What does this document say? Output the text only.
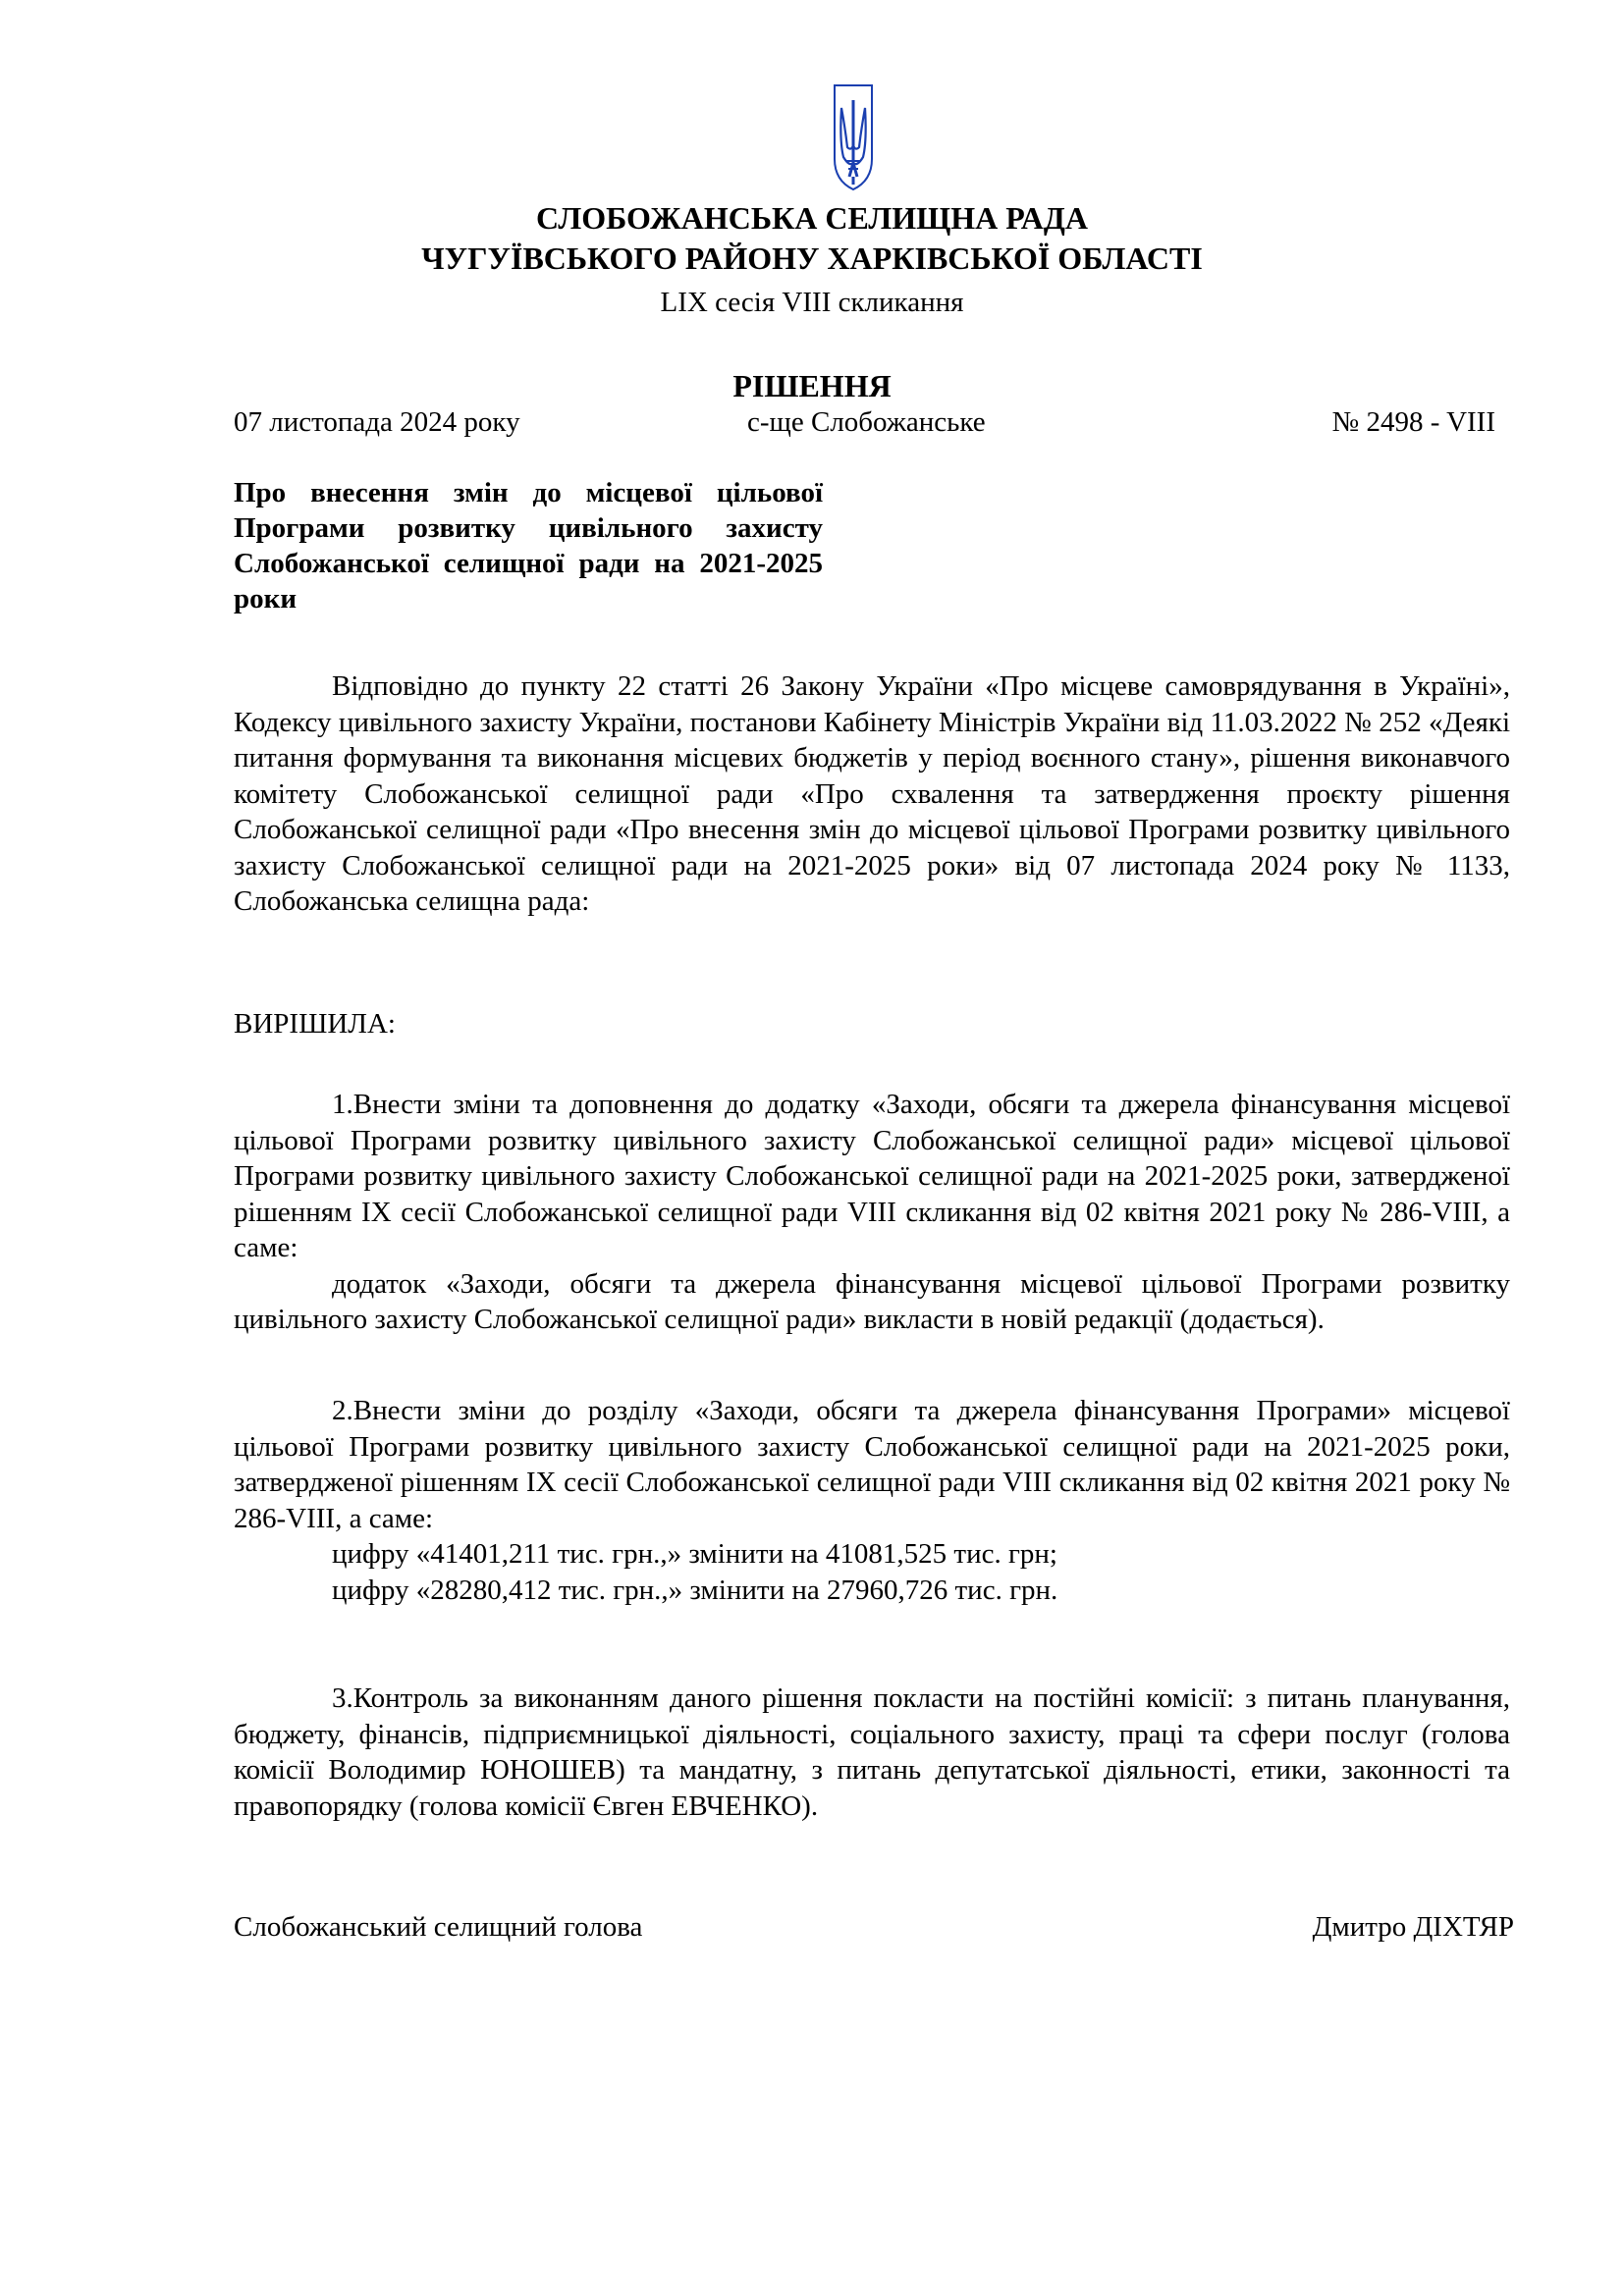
СЛОБОЖАНСЬКА СЕЛИЩНА РАДА
ЧУГУЇВСЬКОГО РАЙОНУ ХАРКІВСЬКОЇ ОБЛАСТІ
LIX сесія VIII скликання
РІШЕННЯ
07 листопада 2024 року	с-ще Слобожанське	№ 2498 - VIII
Про внесення змін до місцевої цільової Програми розвитку цивільного захисту Слобожанської селищної ради на 2021-2025 роки

Відповідно до пункту 22 статті 26 Закону України «Про місцеве самоврядування в Україні», Кодексу цивільного захисту України, постанови Кабінету Міністрів України від 11.03.2022 № 252 «Деякі питання формування та виконання місцевих бюджетів у період воєнного стану», рішення виконавчого комітету Слобожанської селищної ради «Про схвалення та затвердження проєкту рішення Слобожанської селищної ради «Про внесення змін до місцевої цільової Програми розвитку цивільного захисту Слобожанської селищної ради на 2021-2025 роки» від 07 листопада 2024 року № 1133, Слобожанська селищна рада:

ВИРІШИЛА:

1.Внести зміни та доповнення до додатку «Заходи, обсяги та джерела фінансування місцевої цільової Програми розвитку цивільного захисту Слобожанської селищної ради» місцевої цільової Програми розвитку цивільного захисту Слобожанської селищної ради на 2021-2025 роки, затвердженої рішенням IX сесії Слобожанської селищної ради VIII скликання від 02 квітня 2021 року № 286-VIII, а саме:

додаток «Заходи, обсяги та джерела фінансування місцевої цільової Програми розвитку цивільного захисту Слобожанської селищної ради» викласти в новій редакції (додається).

2.Внести зміни до розділу «Заходи, обсяги та джерела фінансування Програми» місцевої цільової Програми розвитку цивільного захисту Слобожанської селищної ради на 2021-2025 роки, затвердженої рішенням IX сесії Слобожанської селищної ради VIII скликання від 02 квітня 2021 року № 286-VIII, а саме:

цифру «41401,211 тис. грн.,» змінити на 41081,525 тис. грн;

цифру «28280,412 тис. грн.,» змінити на 27960,726 тис. грн.

3.Контроль за виконанням даного рішення покласти на постійні комісії: з питань планування, бюджету, фінансів, підприємницької діяльності, соціального захисту, праці та сфери послуг (голова комісії Володимир ЮНОШЕВ) та мандатну, з питань депутатської діяльності, етики, законності та правопорядку (голова комісії Євген ЕВЧЕНКО).

Слобожанський селищний голова	Дмитро ДІХТЯР
